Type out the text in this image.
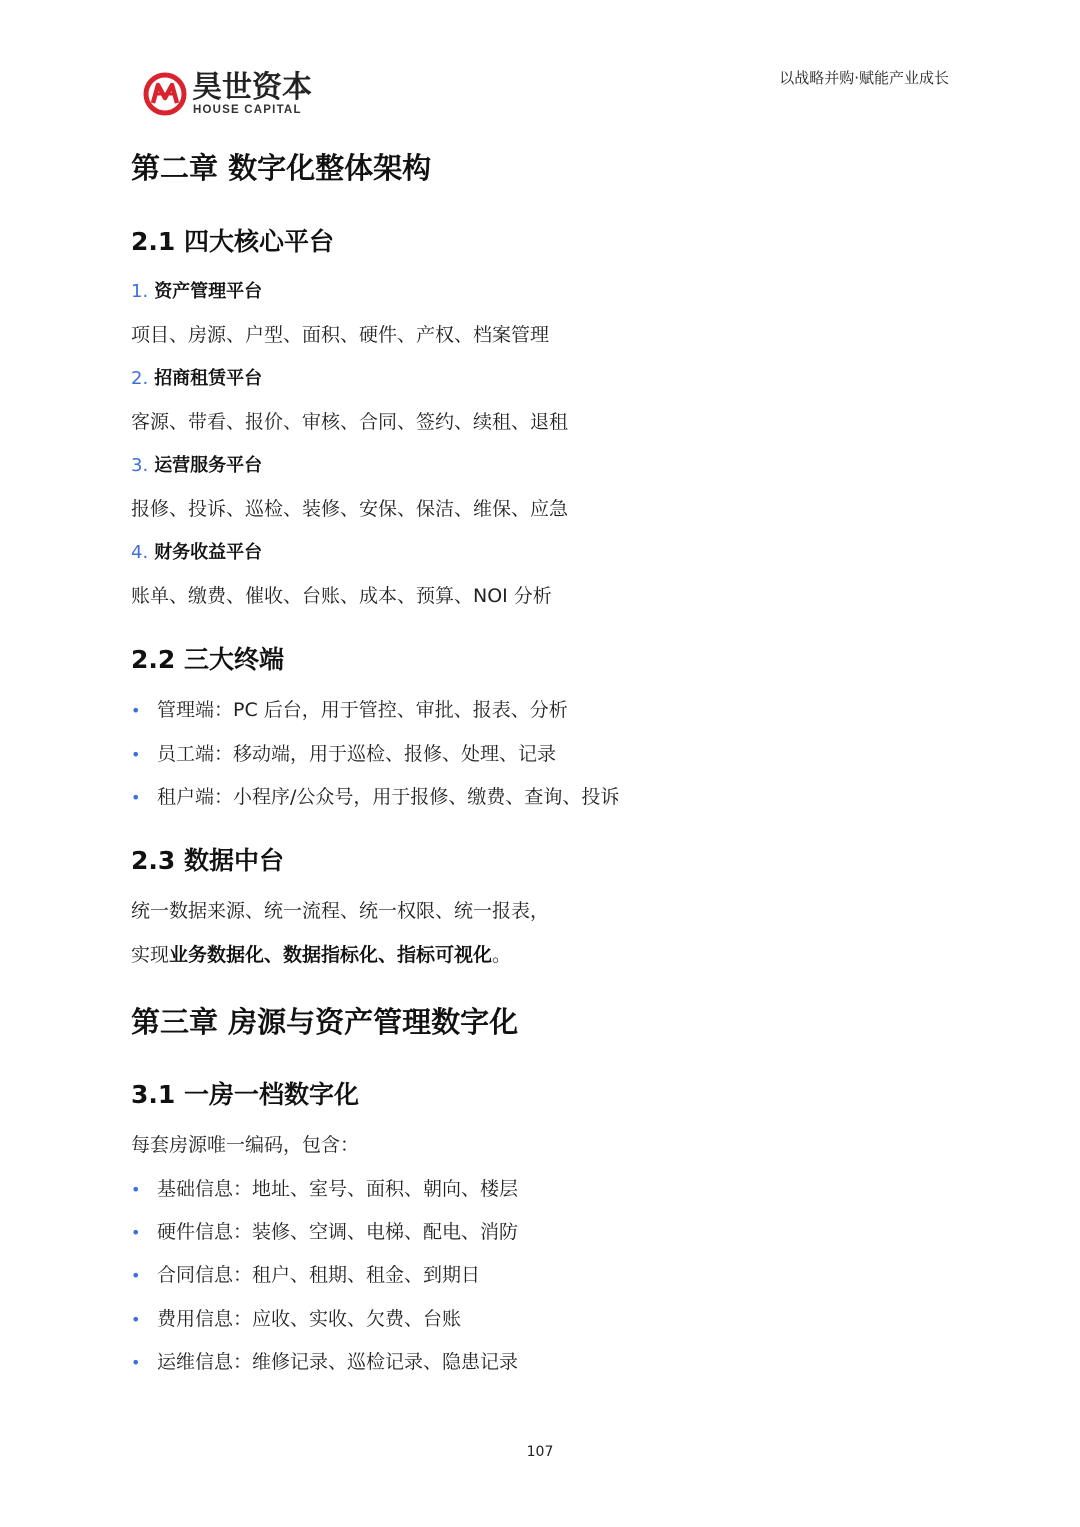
昊世资本
HOUSE CAPITAL
以战略并购·赋能产业成长
第二章 数字化整体架构
2.1 四大核心平台
1. 资产管理平台
项目、房源、户型、面积、硬件、产权、档案管理
2. 招商租赁平台
客源、带看、报价、审核、合同、签约、续租、退租
3. 运营服务平台
报修、投诉、巡检、装修、安保、保洁、维保、应急
4. 财务收益平台
账单、缴费、催收、台账、成本、预算、NOI 分析
2.2 三大终端
• 管理端：PC 后台，用于管控、审批、报表、分析
• 员工端：移动端，用于巡检、报修、处理、记录
• 租户端：小程序/公众号，用于报修、缴费、查询、投诉
2.3 数据中台
统一数据来源、统一流程、统一权限、统一报表，
实现业务数据化、数据指标化、指标可视化。
第三章 房源与资产管理数字化
3.1 一房一档数字化
每套房源唯一编码，包含：
• 基础信息：地址、室号、面积、朝向、楼层
• 硬件信息：装修、空调、电梯、配电、消防
• 合同信息：租户、租期、租金、到期日
• 费用信息：应收、实收、欠费、台账
• 运维信息：维修记录、巡检记录、隐患记录
107
